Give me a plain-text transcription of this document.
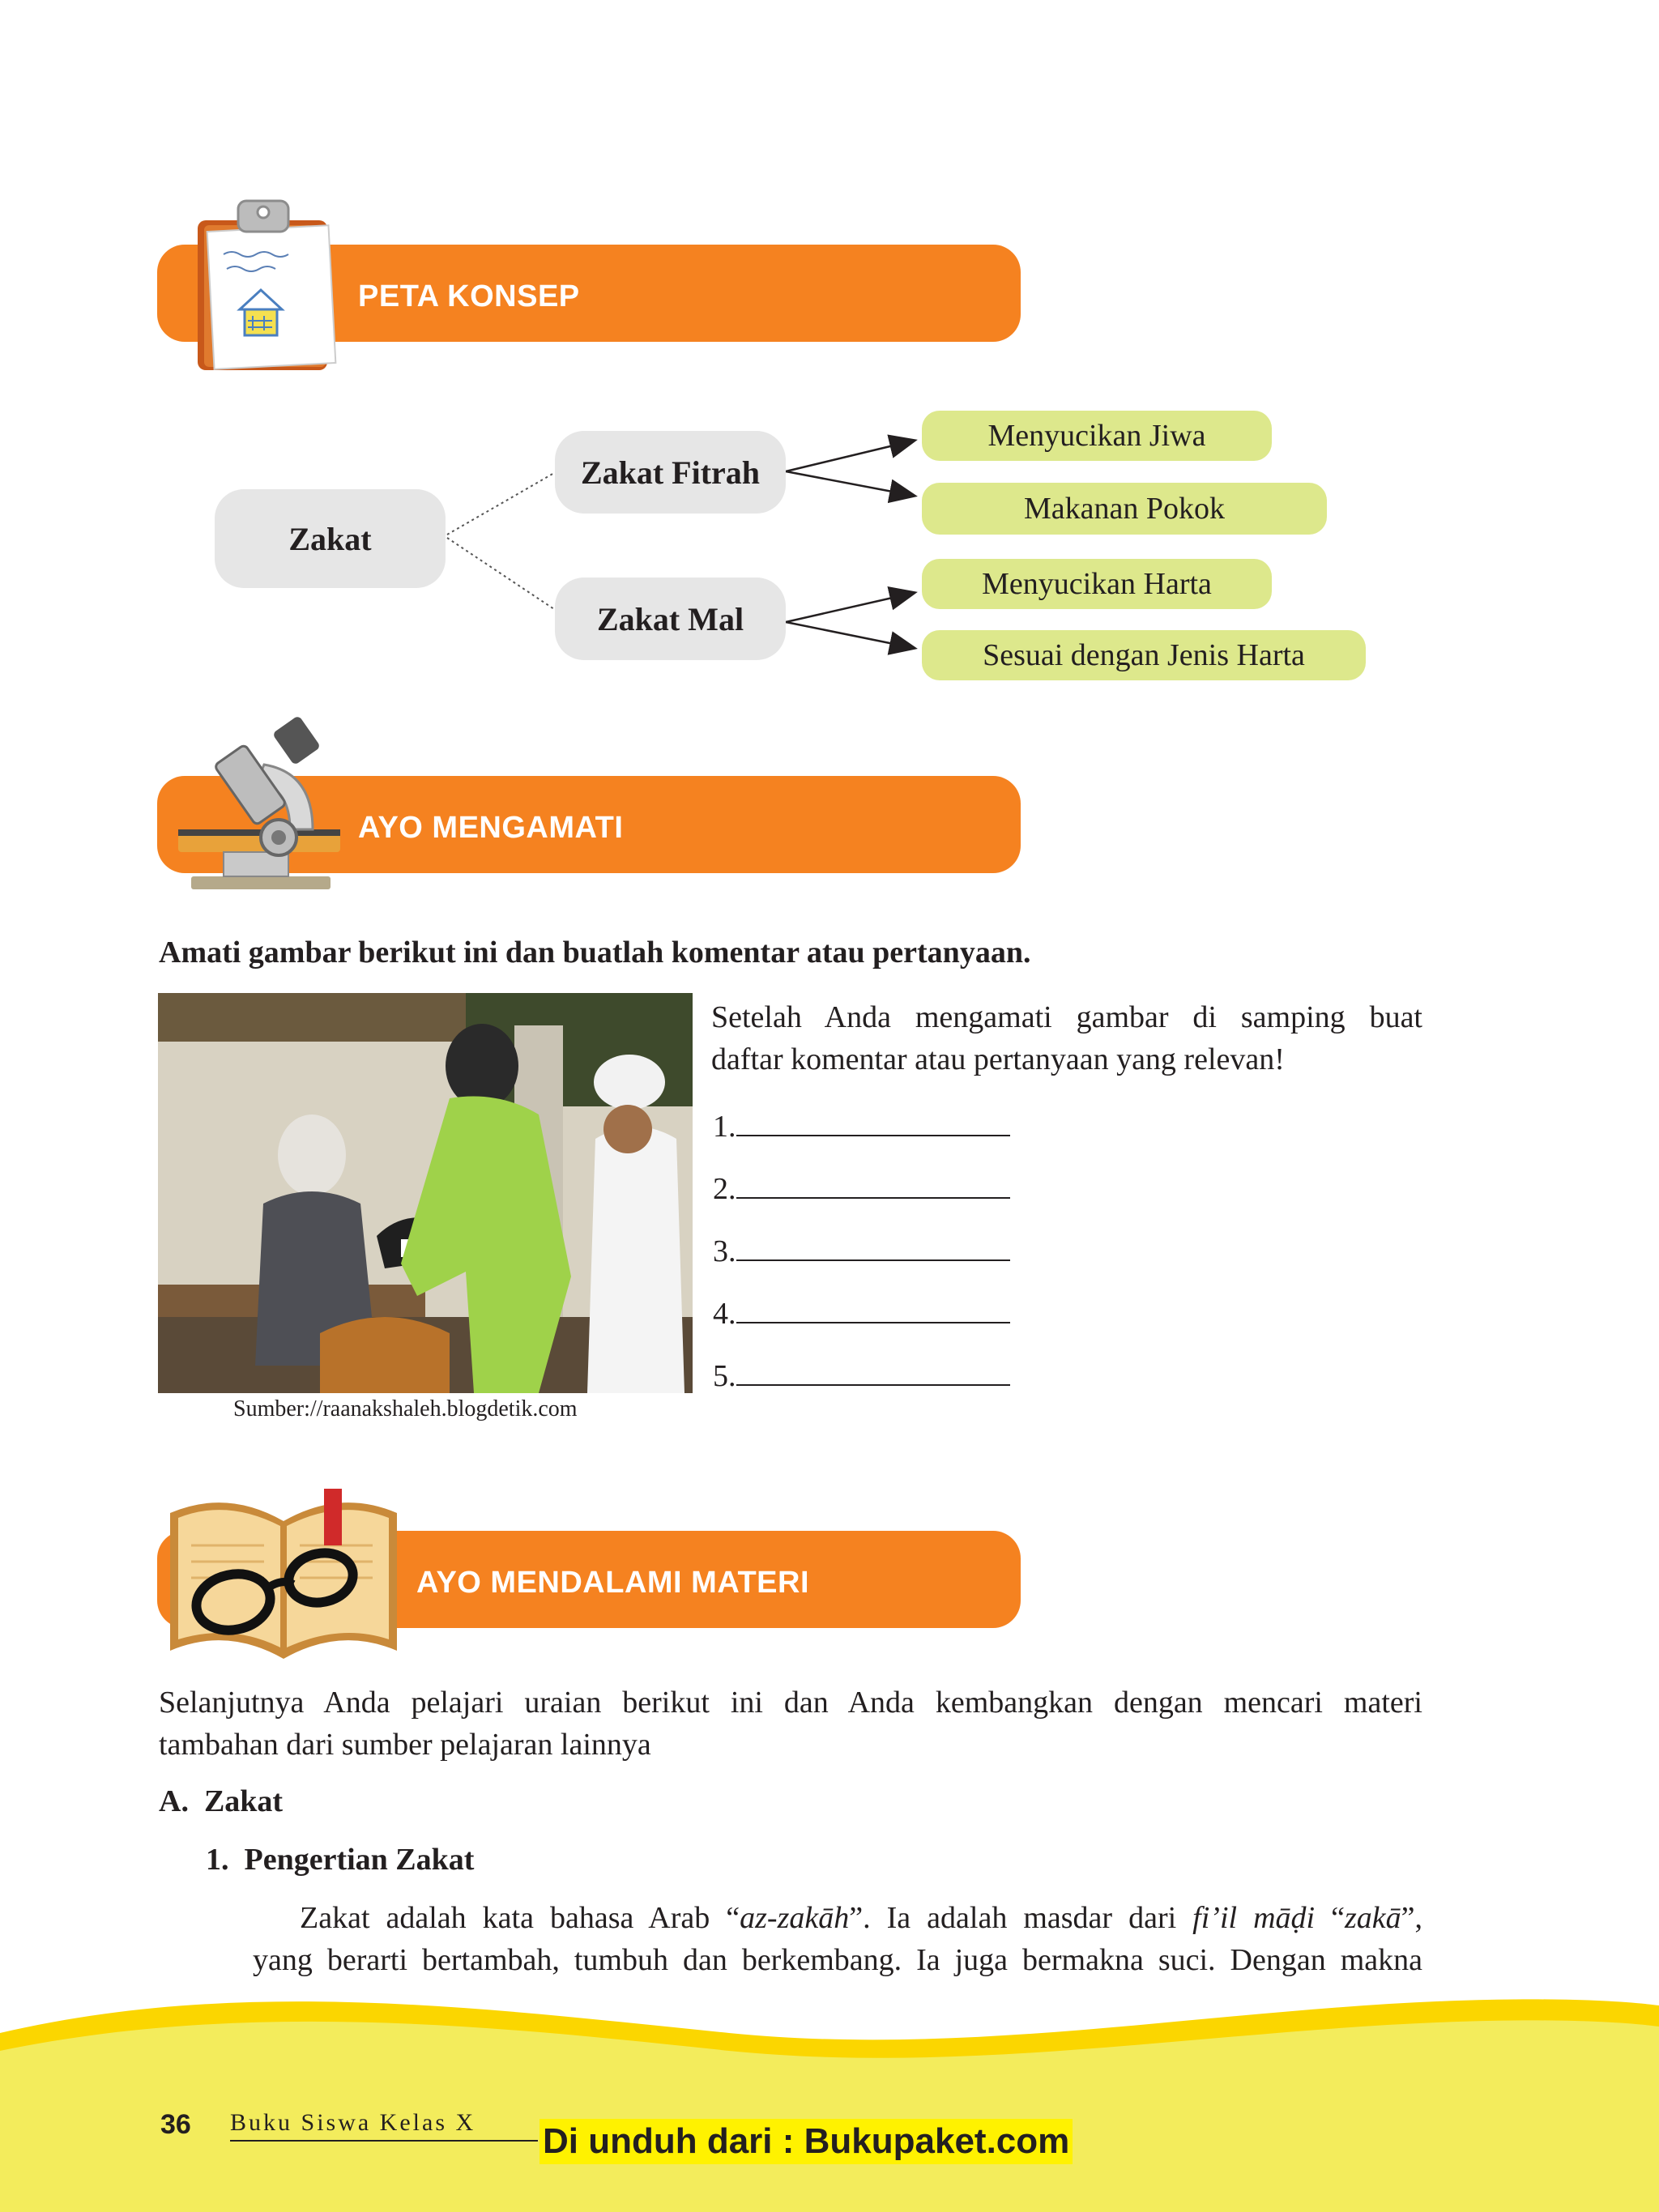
PETA KONSEP
Zakat
Zakat Fitrah
Zakat Mal
Menyucikan Jiwa
Makanan Pokok
Menyucikan Harta
Sesuai dengan Jenis Harta
AYO MENGAMATI
Amati gambar berikut ini dan buatlah komentar atau pertanyaan.
Sumber://raanakshaleh.blogdetik.com
Setelah Anda mengamati gambar di samping buat
daftar komentar atau pertanyaan yang relevan!
1.
2.
3.
4.
5.
AYO MENDALAMI MATERI
Selanjutnya Anda pelajari uraian berikut ini dan Anda kembangkan dengan mencari materi
tambahan dari sumber pelajaran lainnya
A.  Zakat
1.  Pengertian Zakat
Zakat adalah kata bahasa Arab “az-zakāh”. Ia adalah masdar dari fi’il māḍi “zakā”,
yang berarti bertambah, tumbuh dan berkembang. Ia juga bermakna suci. Dengan makna
36 Buku Siswa Kelas X Di unduh dari : Bukupaket.com
